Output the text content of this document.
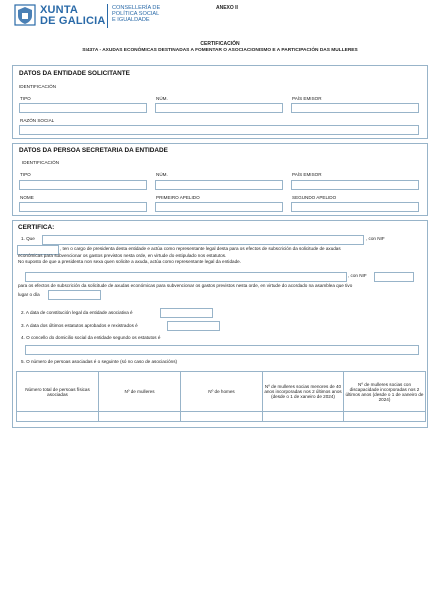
XUNTA
DE GALICIA
CONSELLERÍA DE
POLÍTICA SOCIAL
E IGUALDADE
ANEXO II
CERTIFICACIÓN
SI437A - AXUDAS ECONÓMICAS DESTINADAS A FOMENTAR O ASOCIACIONISMO E A PARTICIPACIÓN DAS MULLERES
DATOS DA ENTIDADE SOLICITANTE
IDENTIFICACIÓN
TIPO	NÚM.	PAÍS EMISOR
RAZÓN SOCIAL
DATOS DA PERSOA SECRETARIA DA ENTIDADE
IDENTIFICACIÓN
TIPO	NÚM.	PAÍS EMISOR
NOME	PRIMEIRO APELIDO	SEGUNDO APELIDO
CERTIFICA:
1. Que	, con NIF
, ten o cargo de presidenta desta entidade e actúa como representante legal desta para os efectos de subscrición da solicitude de axudas
económicas para subvencionar os gastos previstos nesta orde, en virtude do estipulado nos estatutos.
No suposto de que a presidenta non sexa quen solicite a axuda, actúa como representante legal da entidade.
, con NIF
para os efectos de subscrición da solicitude de axudas económicas para subvencionar os gastos previstos nesta orde, en virtude do acordado na asamblea que tivo
lugar o día
2. A data de constitución legal da entidade asociativa é
3. A data dos últimos estatutos aprobados e rexistrados é
4. O concello do domicilio social da entidade segundo os estatutos é
5. O número de persoas asociadas é o seguinte (só no caso de asociacións)
Número total de persoas físicas asociadas	Nº de mulleres	Nº de homes	Nº de mulleres socias menores de 40 anos incorporadas nos 2 últimos anos (desde o 1 de xaneiro de 2024)	Nº de mulleres socias con discapacidade incorporadas nos 2 últimos anos (desde o 1 de xaneiro de 2024)
